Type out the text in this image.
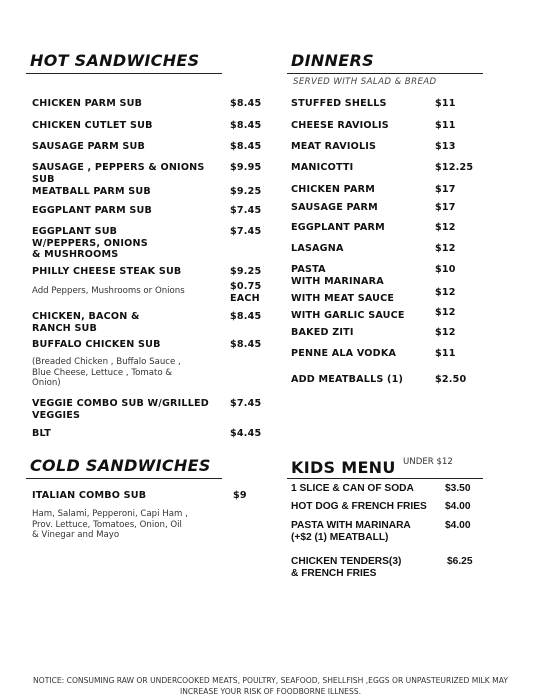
HOT SANDWICHES
CHICKEN PARM SUB	$8.45
CHICKEN CUTLET SUB	$8.45
SAUSAGE PARM SUB	$8.45
SAUSAGE , PEPPERS & ONIONS
SUB
$9.95
MEATBALL PARM SUB	$9.25
EGGPLANT PARM SUB	$7.45
EGGPLANT SUB
W/PEPPERS, ONIONS
& MUSHROOMS
$7.45
PHILLY CHEESE STEAK SUB	$9.25
Add Peppers, Mushrooms or Onions	$0.75
EACH
CHICKEN, BACON &
RANCH SUB
$8.45
BUFFALO CHICKEN SUB	$8.45
(Breaded Chicken , Buffalo Sauce ,
Blue Cheese, Lettuce , Tomato &
Onion)
VEGGIE COMBO SUB W/GRILLED
VEGGIES
$7.45
BLT	$4.45
DINNERS
SERVED WITH SALAD & BREAD
STUFFED SHELLS	$11
CHEESE RAVIOLIS	$11
MEAT RAVIOLIS	$13
MANICOTTI	$12.25
CHICKEN PARM	$17
SAUSAGE PARM	$17
EGGPLANT PARM	$12
LASAGNA	$12
PASTA
WITH MARINARA
$10
WITH MEAT SAUCE
$12
WITH GARLIC SAUCE	$12
BAKED ZITI	$12
PENNE ALA VODKA	$11
ADD MEATBALLS (1)	$2.50
COLD SANDWICHES
ITALIAN COMBO SUB	$9
Ham, Salami, Pepperoni, Capi Ham ,
Prov. Lettuce, Tomatoes, Onion, Oil
& Vinegar and Mayo
KIDS MENU UNDER $12
1 SLICE & CAN OF SODA	$3.50
HOT DOG & FRENCH FRIES $4.00
PASTA WITH MARINARA
(+$2 (1) MEATBALL)
$4.00
CHICKEN TENDERS(3)
& FRENCH FRIES
$6.25
NOTICE: CONSUMING RAW OR UNDERCOOKED MEATS, POULTRY, SEAFOOD, SHELLFISH ,EGGS OR UNPASTEURIZED MILK MAY INCREASE YOUR RISK OF FOODBORNE ILLNESS.
